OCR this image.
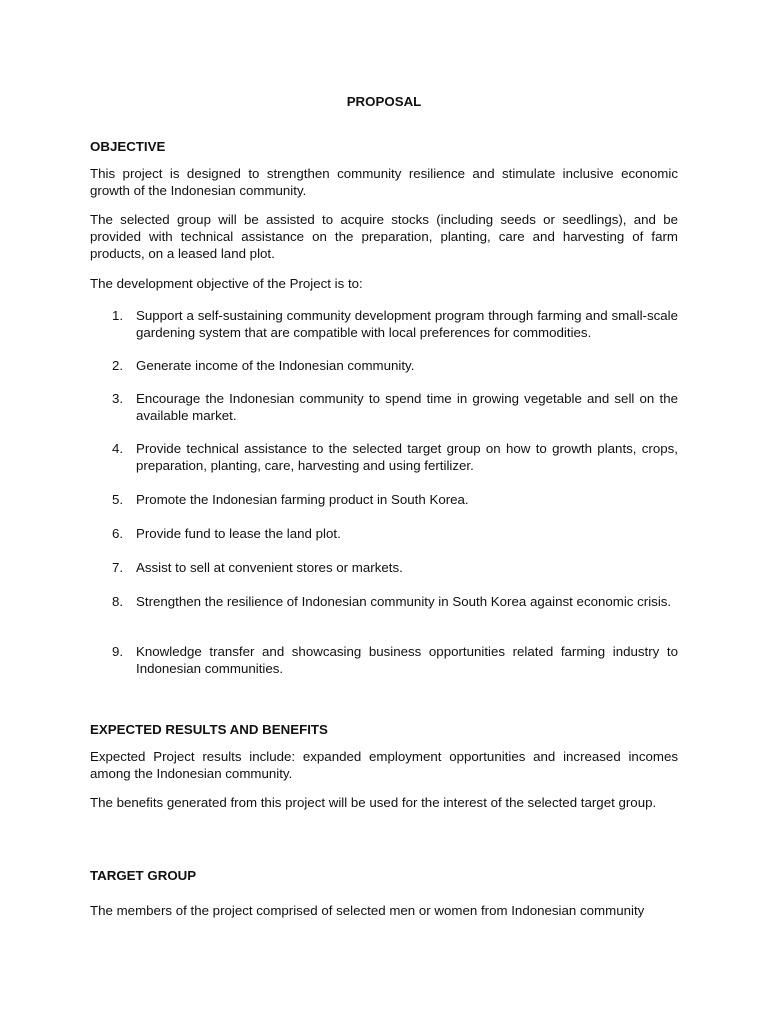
PROPOSAL
OBJECTIVE

This project is designed to strengthen community resilience and stimulate inclusive economic growth of the Indonesian community.

The selected group will be assisted to acquire stocks (including seeds or seedlings), and be provided with technical assistance on the preparation, planting, care and harvesting of farm products, on a leased land plot.

The development objective of the Project is to:

1. Support a self-sustaining community development program through farming and small-scale gardening system that are compatible with local preferences for commodities.
2. Generate income of the Indonesian community.
3. Encourage the Indonesian community to spend time in growing vegetable and sell on the available market.
4. Provide technical assistance to the selected target group on how to growth plants, crops, preparation, planting, care, harvesting and using fertilizer.
5. Promote the Indonesian farming product in South Korea.
6. Provide fund to lease the land plot.
7. Assist to sell at convenient stores or markets.
8. Strengthen the resilience of Indonesian community in South Korea against economic crisis.
9. Knowledge transfer and showcasing business opportunities related farming industry to Indonesian communities.
EXPECTED RESULTS AND BENEFITS

Expected Project results include: expanded employment opportunities and increased incomes among the Indonesian community.

The benefits generated from this project will be used for the interest of the selected target group.

TARGET GROUP

The members of the project comprised of selected men or women from Indonesian community
